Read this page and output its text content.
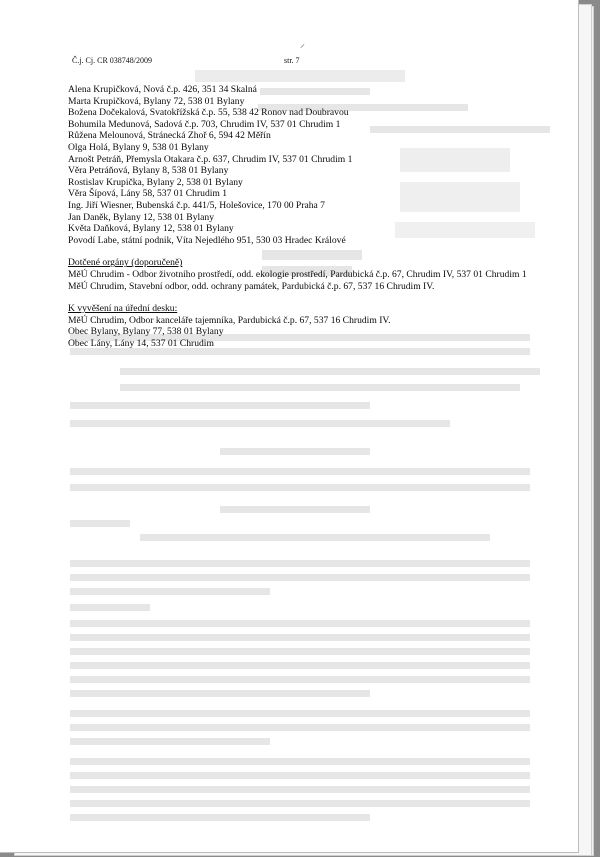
⸝
Č.j. Cj. CR 038748/2009	str. 7
Alena Krupičková, Nová č.p. 426, 351 34 Skalná
Marta Krupičková, Bylany 72, 538 01 Bylany
Božena Dočekalová, Svatokřížská č.p. 55, 538 42 Ronov nad Doubravou
Bohumila Medunová, Sadová č.p. 703, Chrudim IV, 537 01 Chrudim 1
Růžena Melounová, Stránecká Zhoř 6, 594 42 Měřín
Olga Holá, Bylany 9, 538 01 Bylany
Arnošt Petráň, Přemysla Otakara č.p. 637, Chrudim IV, 537 01 Chrudim 1
Věra Petráňová, Bylany 8, 538 01 Bylany
Rostislav Krupička, Bylany 2, 538 01 Bylany
Věra Šípová, Lány 58, 537 01 Chrudim 1
Ing. Jiří Wiesner, Bubenská č.p. 441/5, Holešovice, 170 00 Praha 7
Jan Daněk, Bylany 12, 538 01 Bylany
Květa Daňková, Bylany 12, 538 01 Bylany
Povodí Labe, státní podnik, Víta Nejedlého 951, 530 03 Hradec Králové
Dotčené orgány (doporučeně)
MěÚ Chrudim - Odbor životního prostředí, odd. ekologie prostředí, Pardubická č.p. 67, Chrudim IV, 537 01 Chrudim 1
MěÚ Chrudim, Stavební odbor, odd. ochrany památek, Pardubická č.p. 67, 537 16 Chrudim IV.
K vyvěšení na úřední desku:
MěÚ Chrudim, Odbor kanceláře tajemníka, Pardubická č.p. 67, 537 16 Chrudim IV.
Obec Bylany, Bylany 77, 538 01 Bylany
Obec Lány, Lány 14, 537 01 Chrudim
